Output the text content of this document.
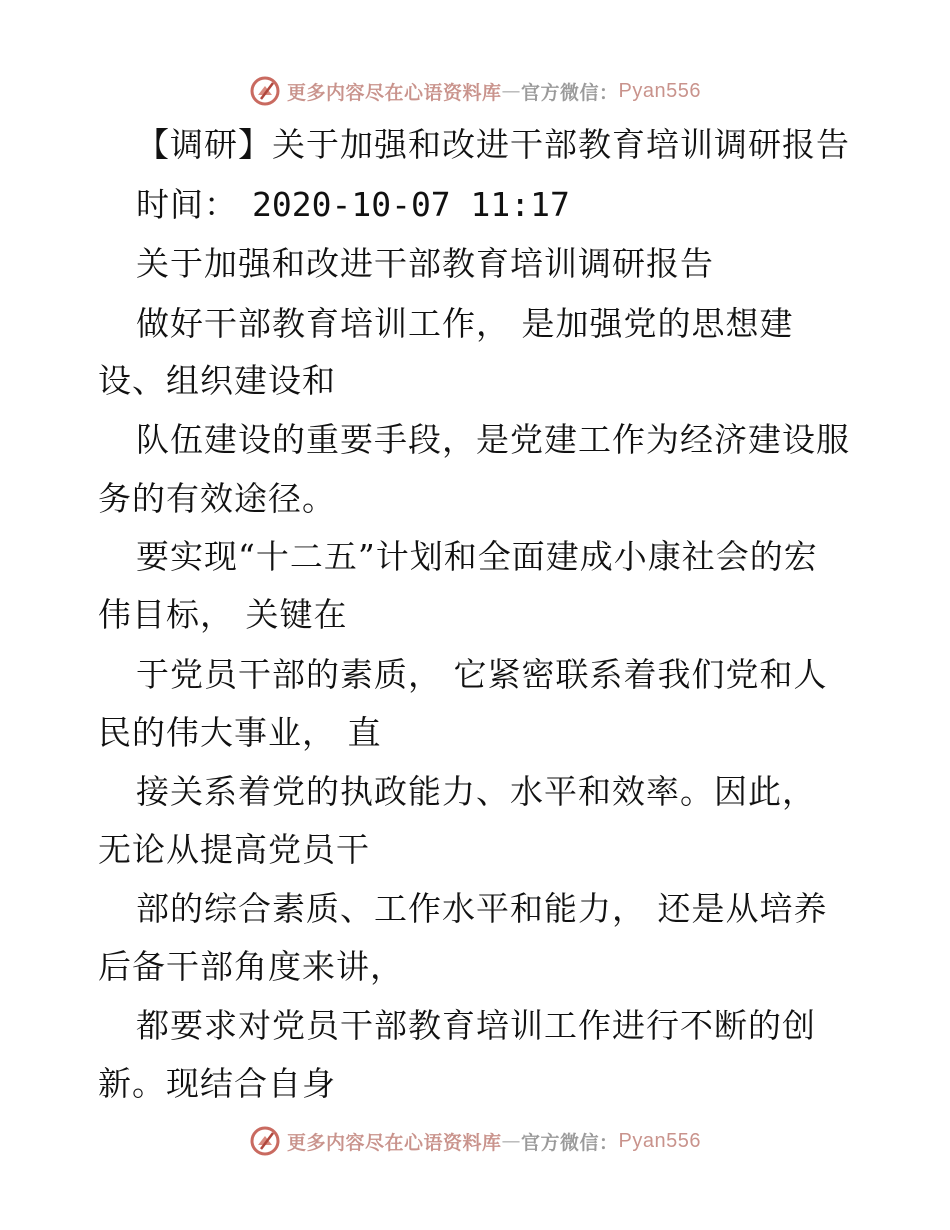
更多内容尽在心语资料库 — 官方微信： Pyan556
【调研】关于加强和改进干部教育培训调研报告
时间： 2020-10-07 11:17
关于加强和改进干部教育培训调研报告
做好干部教育培训工作， 是加强党的思想建
设、组织建设和
队伍建设的重要手段，是党建工作为经济建设服
务的有效途径。
要实现“十二五”计划和全面建成小康社会的宏
伟目标， 关键在
于党员干部的素质， 它紧密联系着我们党和人
民的伟大事业， 直
接关系着党的执政能力、水平和效率。因此，
无论从提高党员干
部的综合素质、工作水平和能力， 还是从培养
后备干部角度来讲，
都要求对党员干部教育培训工作进行不断的创
新。现结合自身
更多内容尽在心语资料库 — 官方微信： Pyan556
